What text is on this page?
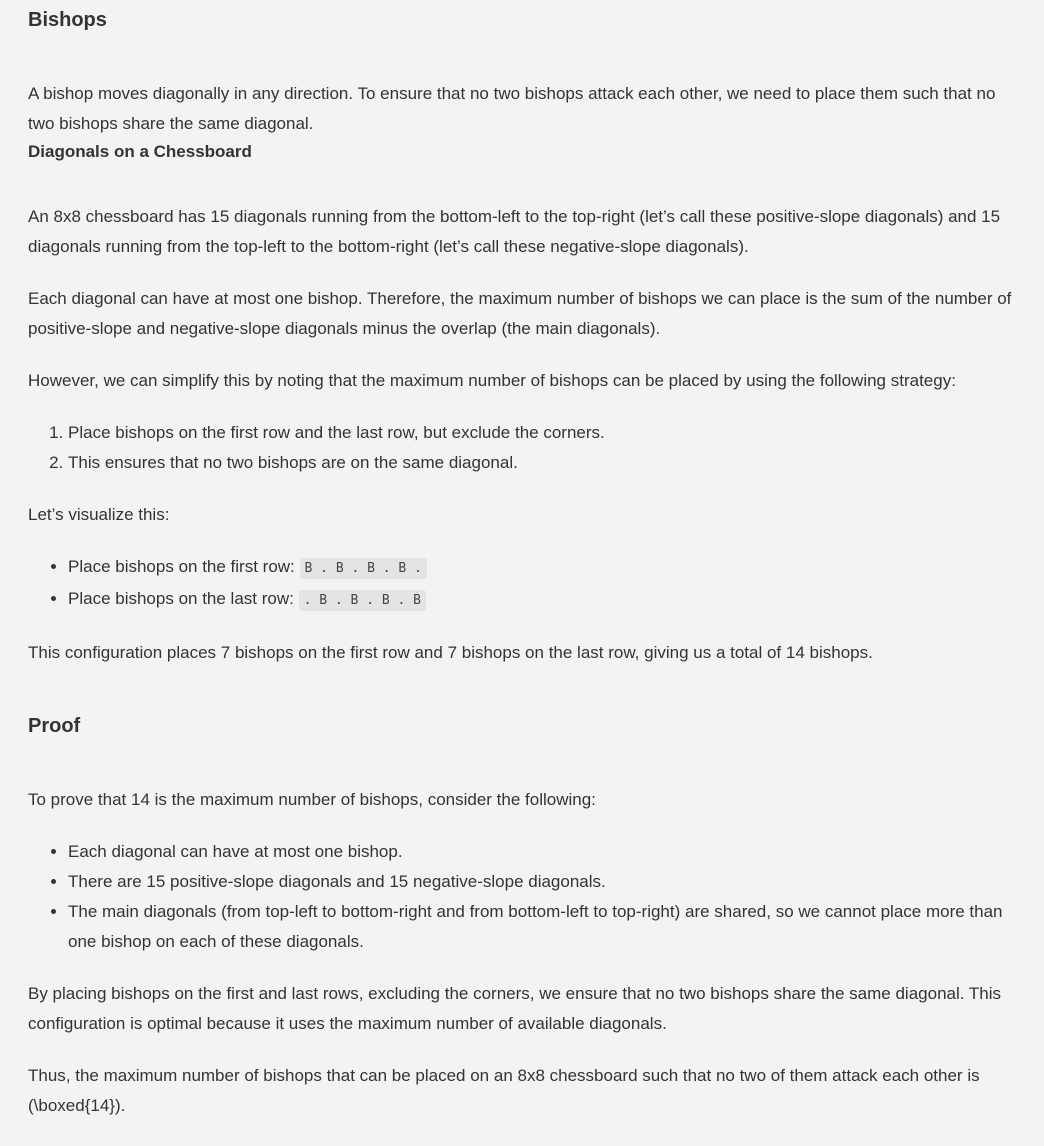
Bishops

A bishop moves diagonally in any direction. To ensure that no two bishops attack each other, we need to place them such that no two bishops share the same diagonal.

Diagonals on a Chessboard

An 8x8 chessboard has 15 diagonals running from the bottom-left to the top-right (let’s call these positive-slope diagonals) and 15 diagonals running from the top-left to the bottom-right (let’s call these negative-slope diagonals).

Each diagonal can have at most one bishop. Therefore, the maximum number of bishops we can place is the sum of the number of positive-slope and negative-slope diagonals minus the overlap (the main diagonals).

However, we can simplify this by noting that the maximum number of bishops can be placed by using the following strategy:

1. Place bishops on the first row and the last row, but exclude the corners.
2. This ensures that no two bishops are on the same diagonal.

Let’s visualize this:

• Place bishops on the first row: B . B . B . B .
• Place bishops on the last row: . B . B . B . B

This configuration places 7 bishops on the first row and 7 bishops on the last row, giving us a total of 14 bishops.

Proof

To prove that 14 is the maximum number of bishops, consider the following:

• Each diagonal can have at most one bishop.
• There are 15 positive-slope diagonals and 15 negative-slope diagonals.
• The main diagonals (from top-left to bottom-right and from bottom-left to top-right) are shared, so we cannot place more than one bishop on each of these diagonals.

By placing bishops on the first and last rows, excluding the corners, we ensure that no two bishops share the same diagonal. This configuration is optimal because it uses the maximum number of available diagonals.

Thus, the maximum number of bishops that can be placed on an 8x8 chessboard such that no two of them attack each other is (\boxed{14}).
